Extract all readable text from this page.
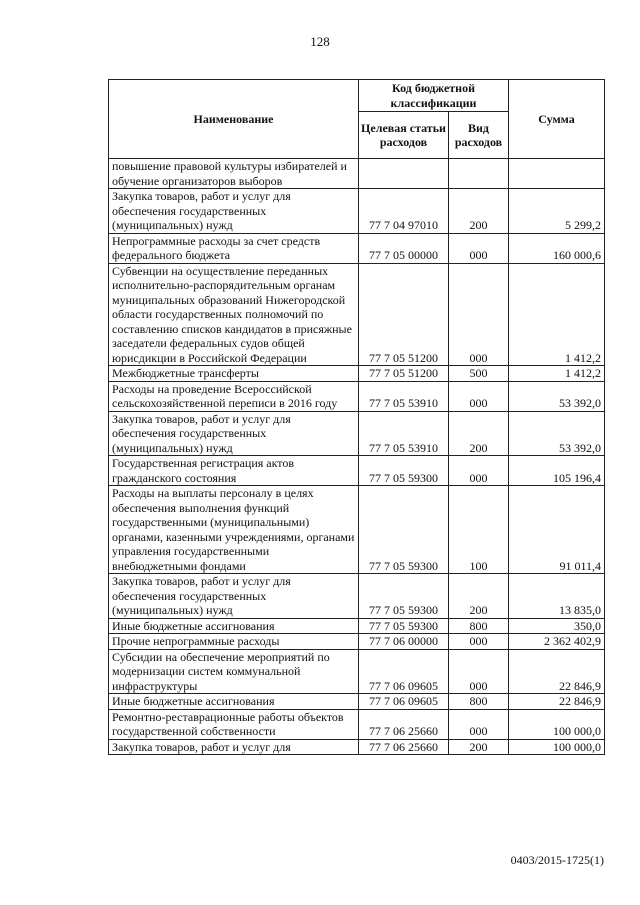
128
Наименование	Код бюджетной классификации		Сумма
	Целевая статьи расходов	Вид расходов	
повышение правовой культуры избирателей и обучение организаторов выборов			
Закупка товаров, работ и услуг для обеспечения государственных (муниципальных) нужд	77 7 04 97010	200	5 299,2
Непрограммные расходы за счет средств федерального бюджета	77 7 05 00000	000	160 000,6
Субвенции на осуществление переданных исполнительно-распорядительным органам муниципальных образований Нижегородской области государственных полномочий по составлению списков кандидатов в присяжные заседатели федеральных судов общей юрисдикции в Российской Федерации	77 7 05 51200	000	1 412,2
Межбюджетные трансферты	77 7 05 51200	500	1 412,2
Расходы на проведение Всероссийской сельскохозяйственной переписи в 2016 году	77 7 05 53910	000	53 392,0
Закупка товаров, работ и услуг для обеспечения государственных (муниципальных) нужд	77 7 05 53910	200	53 392,0
Государственная регистрация актов гражданского состояния	77 7 05 59300	000	105 196,4
Расходы на выплаты персоналу в целях обеспечения выполнения функций государственными (муниципальными) органами, казенными учреждениями, органами управления государственными внебюджетными фондами	77 7 05 59300	100	91 011,4
Закупка товаров, работ и услуг для обеспечения государственных (муниципальных) нужд	77 7 05 59300	200	13 835,0
Иные бюджетные ассигнования	77 7 05 59300	800	350,0
Прочие непрограммные расходы	77 7 06 00000	000	2 362 402,9
Субсидии на обеспечение мероприятий по модернизации систем коммунальной инфраструктуры	77 7 06 09605	000	22 846,9
Иные бюджетные ассигнования	77 7 06 09605	800	22 846,9
Ремонтно-реставрационные работы объектов государственной собственности	77 7 06 25660	000	100 000,0
Закупка товаров, работ и услуг для	77 7 06 25660	200	100 000,0
0403/2015-1725(1)
